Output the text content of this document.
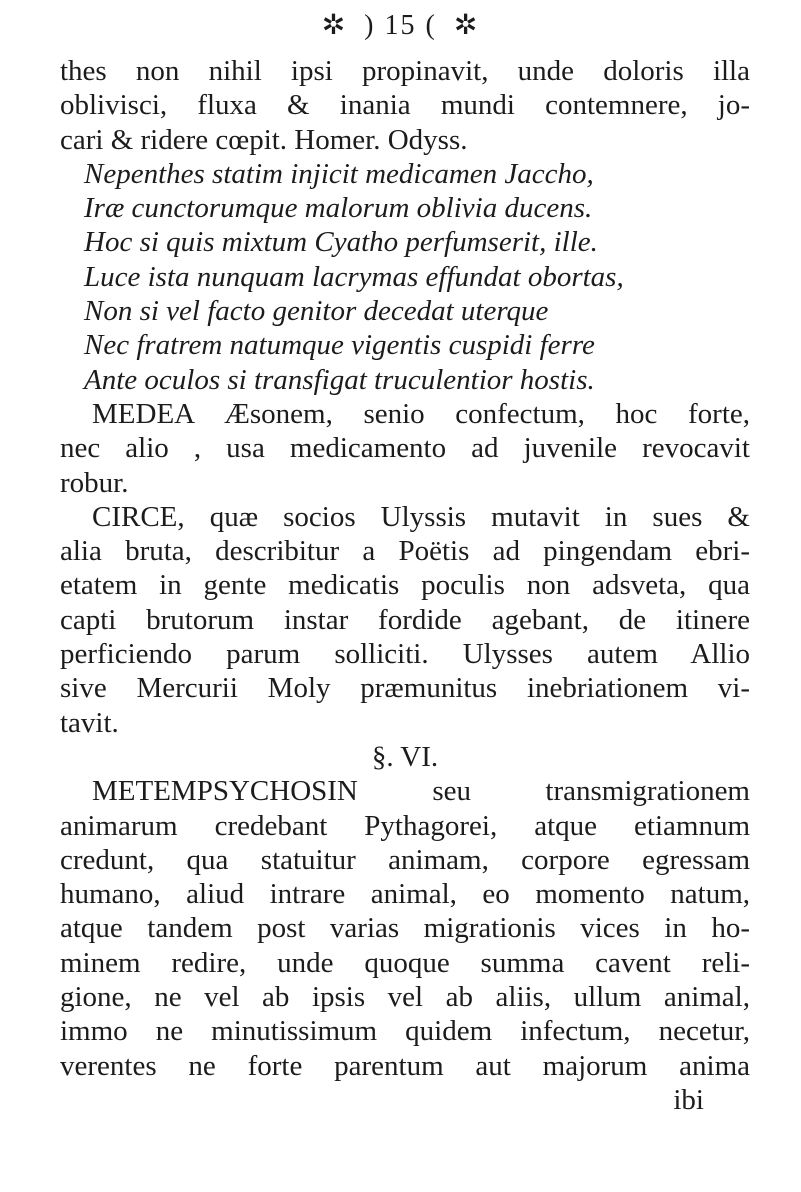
✲ ) 15 ( ✲
thes non nihil ipsi propinavit, unde doloris illa
oblivisci, fluxa & inania mundi contemnere, jo-
cari & ridere cœpit. Homer. Odyss.
Nepenthes statim injicit medicamen Jaccho,
Iræ cunctorumque malorum oblivia ducens.
Hoc si quis mixtum Cyatho perfumserit, ille.
Luce ista nunquam lacrymas effundat obortas,
Non si vel facto genitor decedat uterque
Nec fratrem natumque vigentis cuspidi ferre
Ante oculos si transfigat truculentior hostis.
MEDEA Æsonem, senio confectum, hoc forte,
nec alio , usa medicamento ad juvenile revocavit
robur.
CIRCE, quæ socios Ulyssis mutavit in sues &
alia bruta, describitur a Poëtis ad pingendam ebri-
etatem in gente medicatis poculis non adsveta, qua
capti brutorum instar fordide agebant, de itinere
perficiendo parum solliciti. Ulysses autem Allio
sive Mercurii Moly præmunitus inebriationem vi-
tavit.
§. VI.
METEMPSYCHOSIN seu transmigrationem
animarum credebant Pythagorei, atque etiamnum
credunt, qua statuitur animam, corpore egressam
humano, aliud intrare animal, eo momento natum,
atque tandem post varias migrationis vices in ho-
minem redire, unde quoque summa cavent reli-
gione, ne vel ab ipsis vel ab aliis, ullum animal,
immo ne minutissimum quidem infectum, necetur,
verentes ne forte parentum aut majorum anima
ibi
